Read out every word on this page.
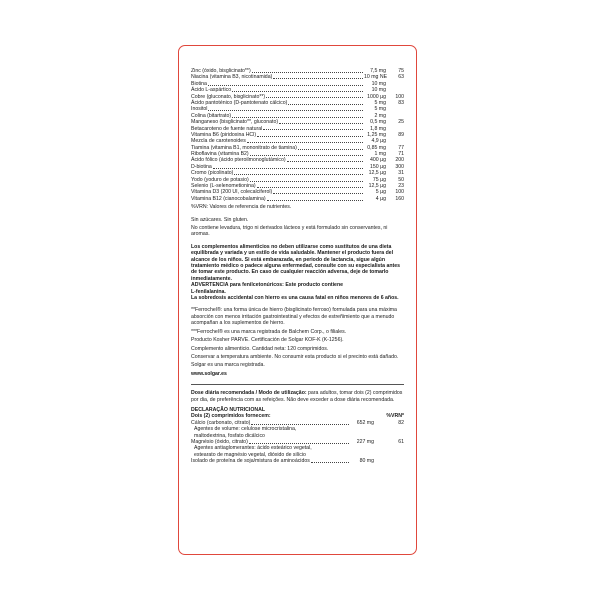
Zinc (óxido, bisglicinato**)	7,5 mg	75
Niacina (vitamina B3, nicotinamida)	10 mg NE	63
Biotina	10 mg
Ácido L-aspártico	10 mg
Cobre (gluconato, bisglicinato**)	1000 µg	100
Ácido pantoténico (D-pantotenato cálcico)	5 mg	83
Inositol	5 mg
Colina (bitartrato)	2 mg
Manganeso (bisglicinato**, gluconato)	0,5 mg	25
Betacaroteno de fuente natural	1,8 mg
Vitamina B6 (piridoxina HCl)	1,25 mg	89
Mezcla de carotenoides	4,9 µg
Tiamina (vitamina B1, mononitrato de tiamina)	0,85 mg	77
Riboflavina (vitamina B2)	1 mg	71
Ácido fólico (ácido pteroilmonoglutámico)	400 µg	200
D-biotina	150 µg	300
Cromo (picolinato)	12,5 µg	31
Yodo (yoduro de potasio)	75 µg	50
Selenio (L-selenometionina)	12,5 µg	23
Vitamina D3 (200 UI, colecalciferol)	5 µg	100
Vitamina B12 (cianocobalamina)	4 µg	160
%VRN: Valores de referencia de nutrientes.
Sin azúcares. Sin gluten.
No contiene levadura, trigo ni derivados lácteos y está formulado sin conservantes, ni aromas.
Los complementos alimenticios no deben utilizarse como sustitutos de una dieta equilibrada y variada y un estilo de vida saludable. Mantener el producto fuera del alcance de los niños. Si está embarazada, en periodo de lactancia, sigue algún tratamiento médico o padece alguna enfermedad, consulte con su especialista antes de tomar este producto. En caso de cualquier reacción adversa, deje de tomarlo inmediatamente.
ADVERTENCIA para fenilcetonúricos: Este producto contiene
L-fenilalanina.
La sobredosis accidental con hierro es una causa fatal en niños menores de 6 años.
**Ferrochel®: una forma única de hierro (bisglicinato ferroso) formulada para una máxima absorción con menos irritación gastrointestinal y efectos de estreñimiento que a menudo acompañan a los suplementos de hierro.
***Ferrochel® es una marca registrada de Balchem Corp., o filiales.
Producto Kosher PARVE. Certificación de Solgar KOF-K (K-1256).
Complemento alimenticio. Cantidad neta: 120 comprimidos.
Conservar a temperatura ambiente. No consumir esta producto si el precinto está dañado.
Solgar es una marca registrada.
www.solgar.es
Dose diária recomendada / Modo de utilização: para adultos, tomar dois (2) comprimidos por dia, de preferência com as refeições. Não deve exceder a dose diária recomendada.
DECLARAÇÃO NUTRICIONAL
Dois (2) comprimidos fornecem:	%VRN*
Cálcio (carbonato, citrato)	652 mg	82
Agentes de volume: celulose microcristalina,
maltodextrina, fosfato dicálcico
Magnésio (óxido, citrato)	227 mg	61
Agentes antiaglomerantes: ácido esteárico vegetal,
estearato de magnésio vegetal, dióxido de silício
Isolado de proteína de soja/mistura de aminoácidos	80 mg
